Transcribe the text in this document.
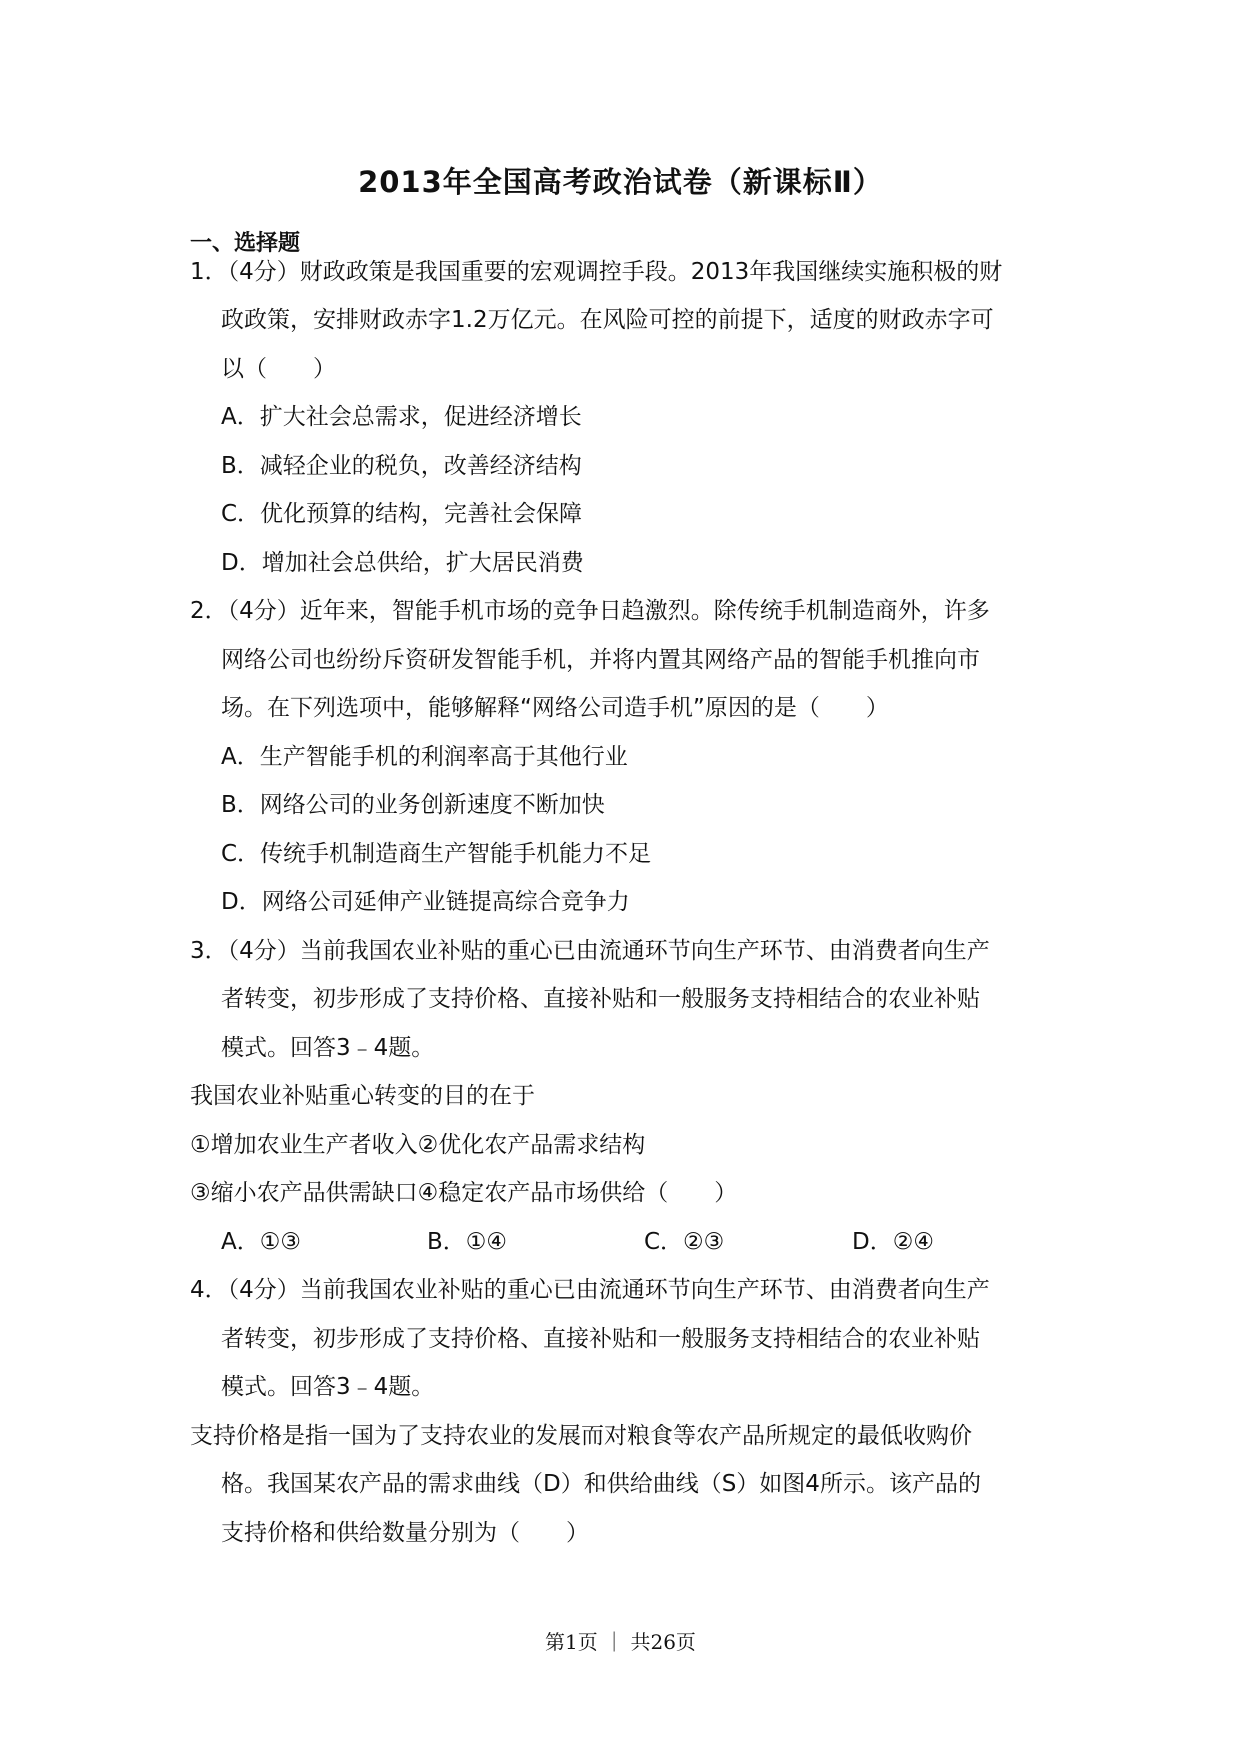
2013年全国高考政治试卷（新课标Ⅱ）
一、选择题
1．（4分）财政政策是我国重要的宏观调控手段。2013年我国继续实施积极的财
政政策，安排财政赤字1.2万亿元。在风险可控的前提下，适度的财政赤字可
以（　　）
A．扩大社会总需求，促进经济增长
B．减轻企业的税负，改善经济结构
C．优化预算的结构，完善社会保障
D．增加社会总供给，扩大居民消费
2．（4分）近年来，智能手机市场的竞争日趋激烈。除传统手机制造商外，许多
网络公司也纷纷斥资研发智能手机，并将内置其网络产品的智能手机推向市
场。在下列选项中，能够解释“网络公司造手机”原因的是（　　）
A．生产智能手机的利润率高于其他行业
B．网络公司的业务创新速度不断加快
C．传统手机制造商生产智能手机能力不足
D．网络公司延伸产业链提高综合竞争力
3．（4分）当前我国农业补贴的重心已由流通环节向生产环节、由消费者向生产
者转变，初步形成了支持价格、直接补贴和一般服务支持相结合的农业补贴
模式。回答3﹣4题。
我国农业补贴重心转变的目的在于
①增加农业生产者收入②优化农产品需求结构
③缩小农产品供需缺口④稳定农产品市场供给（　　）
A．①③	B．①④	C．②③	D．②④
4．（4分）当前我国农业补贴的重心已由流通环节向生产环节、由消费者向生产
者转变，初步形成了支持价格、直接补贴和一般服务支持相结合的农业补贴
模式。回答3﹣4题。
支持价格是指一国为了支持农业的发展而对粮食等农产品所规定的最低收购价
格。我国某农产品的需求曲线（D）和供给曲线（S）如图4所示。该产品的
支持价格和供给数量分别为（　　）
第1页 ｜ 共26页
